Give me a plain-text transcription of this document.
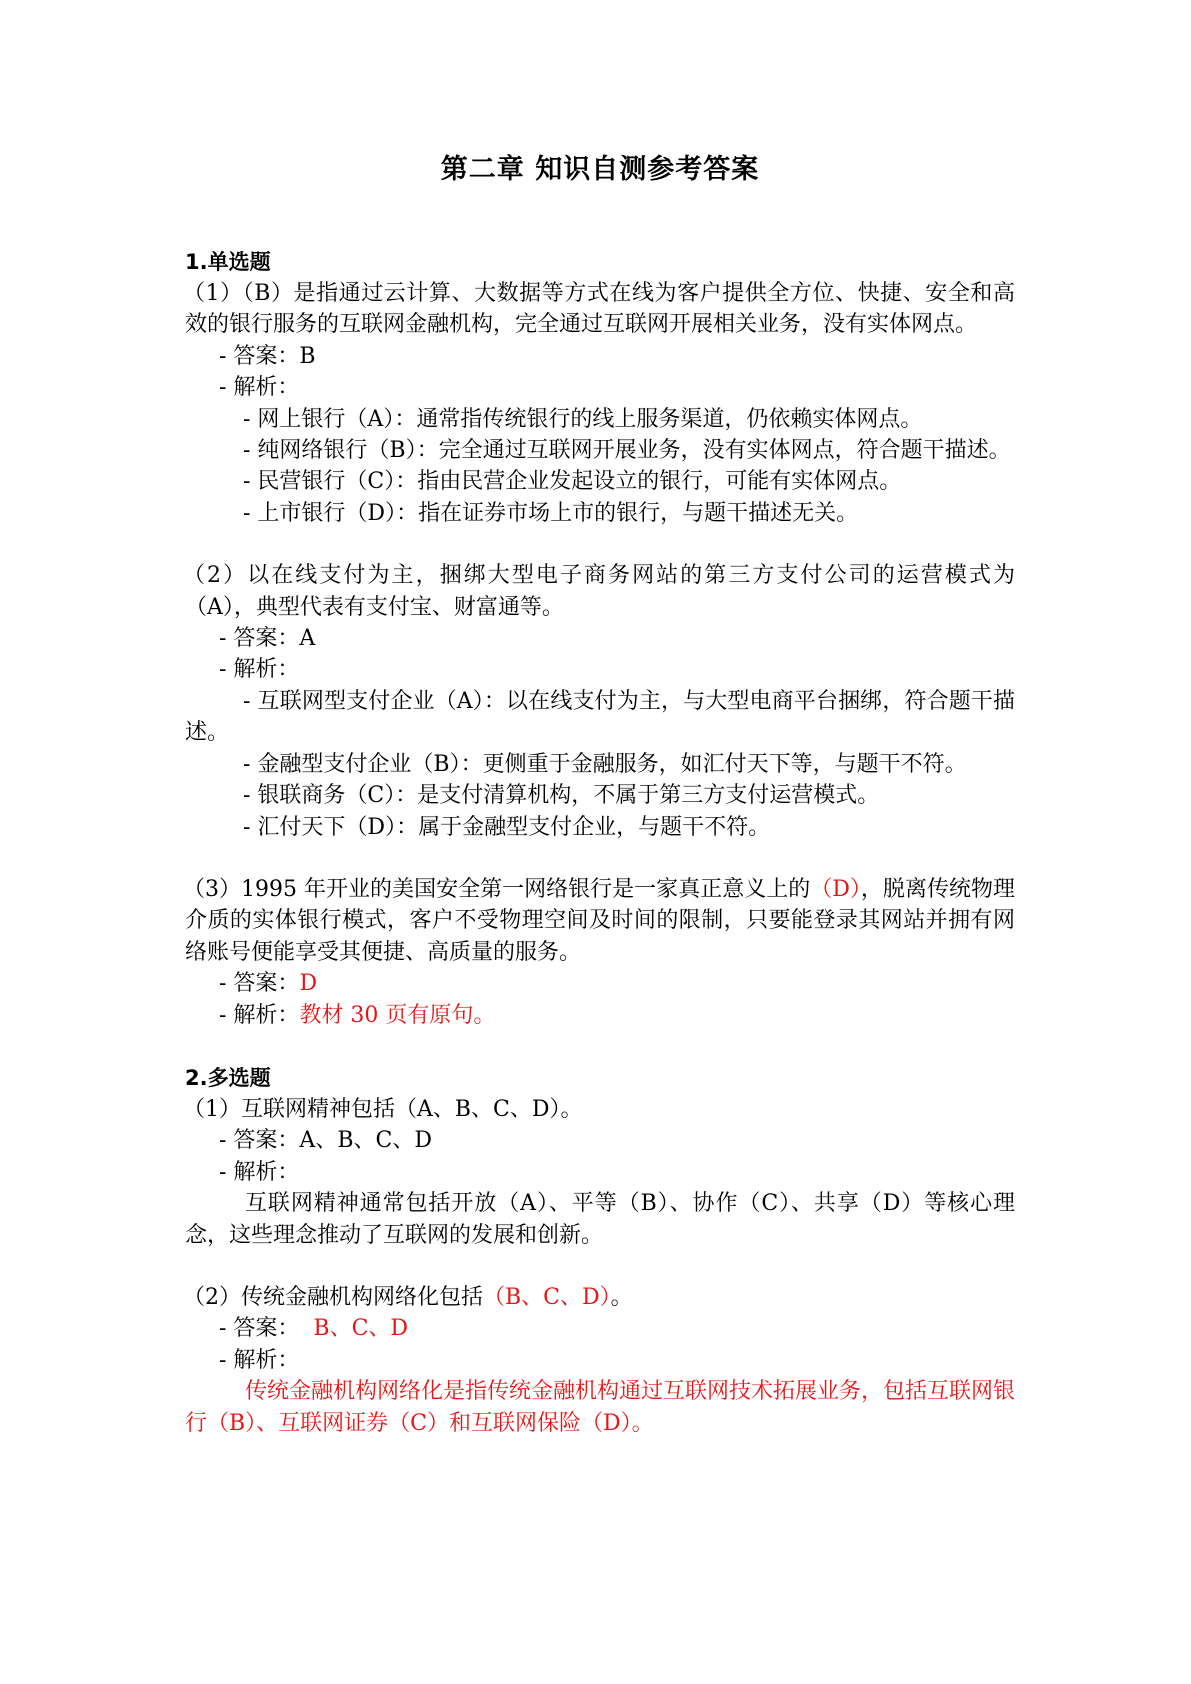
第二章 知识自测参考答案
1.单选题
（1）（B）是指通过云计算、大数据等方式在线为客户提供全方位、快捷、安全和高效的银行服务的互联网金融机构，完全通过互联网开展相关业务，没有实体网点。
- 答案：B
- 解析：
- 网上银行（A）：通常指传统银行的线上服务渠道，仍依赖实体网点。
- 纯网络银行（B）：完全通过互联网开展业务，没有实体网点，符合题干描述。
- 民营银行（C）：指由民营企业发起设立的银行，可能有实体网点。
- 上市银行（D）：指在证券市场上市的银行，与题干描述无关。
（2）以在线支付为主，捆绑大型电子商务网站的第三方支付公司的运营模式为（A），典型代表有支付宝、财富通等。
- 答案：A
- 解析：
- 互联网型支付企业（A）：以在线支付为主，与大型电商平台捆绑，符合题干描述。
- 金融型支付企业（B）：更侧重于金融服务，如汇付天下等，与题干不符。
- 银联商务（C）：是支付清算机构，不属于第三方支付运营模式。
- 汇付天下（D）：属于金融型支付企业，与题干不符。
（3）1995 年开业的美国安全第一网络银行是一家真正意义上的（D），脱离传统物理介质的实体银行模式，客户不受物理空间及时间的限制，只要能登录其网站并拥有网络账号便能享受其便捷、高质量的服务。
- 答案：D
- 解析：教材 30 页有原句。
2.多选题
（1）互联网精神包括（A、B、C、D）。
- 答案：A、B、C、D
- 解析：
互联网精神通常包括开放（A）、平等（B）、协作（C）、共享（D）等核心理念，这些理念推动了互联网的发展和创新。
（2）传统金融机构网络化包括（B、C、D）。
- 答案：  B、C、D
- 解析：
传统金融机构网络化是指传统金融机构通过互联网技术拓展业务，包括互联网银行（B）、互联网证券（C）和互联网保险（D）。
